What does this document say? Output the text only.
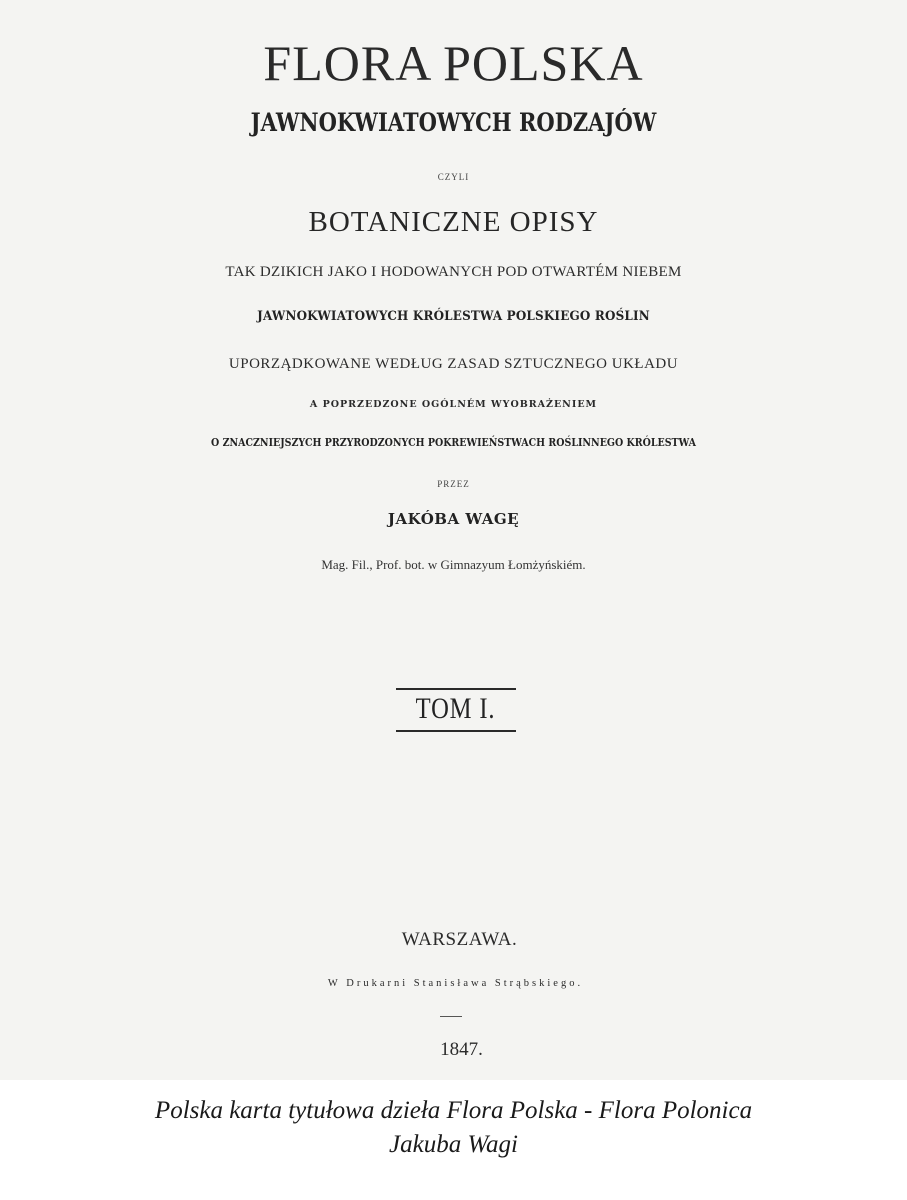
FLORA POLSKA
JAWNOKWIATOWYCH RODZAJÓW
CZYLI
BOTANICZNE OPISY
TAK DZIKICH JAKO I HODOWANYCH POD OTWARTÉM NIEBEM
JAWNOKWIATOWYCH KRÓLESTWA POLSKIEGO ROŚLIN
UPORZĄDKOWANE WEDŁUG ZASAD SZTUCZNEGO UKŁADU
A POPRZEDZONE OGÓLNÉM WYOBRAŻENIEM
O ZNACZNIEJSZYCH PRZYRODZONYCH POKREWIEŃSTWACH ROŚLINNEGO KRÓLESTWA
PRZEZ
JAKÓBA WAGĘ
Mag. Fil., Prof. bot. w Gimnazyum Łomżyńskiém.
TOM I.
WARSZAWA.
W Drukarni Stanisława Strąbskiego.
1847.
Polska karta tytułowa dzieła Flora Polska - Flora Polonica
Jakuba Wagi
